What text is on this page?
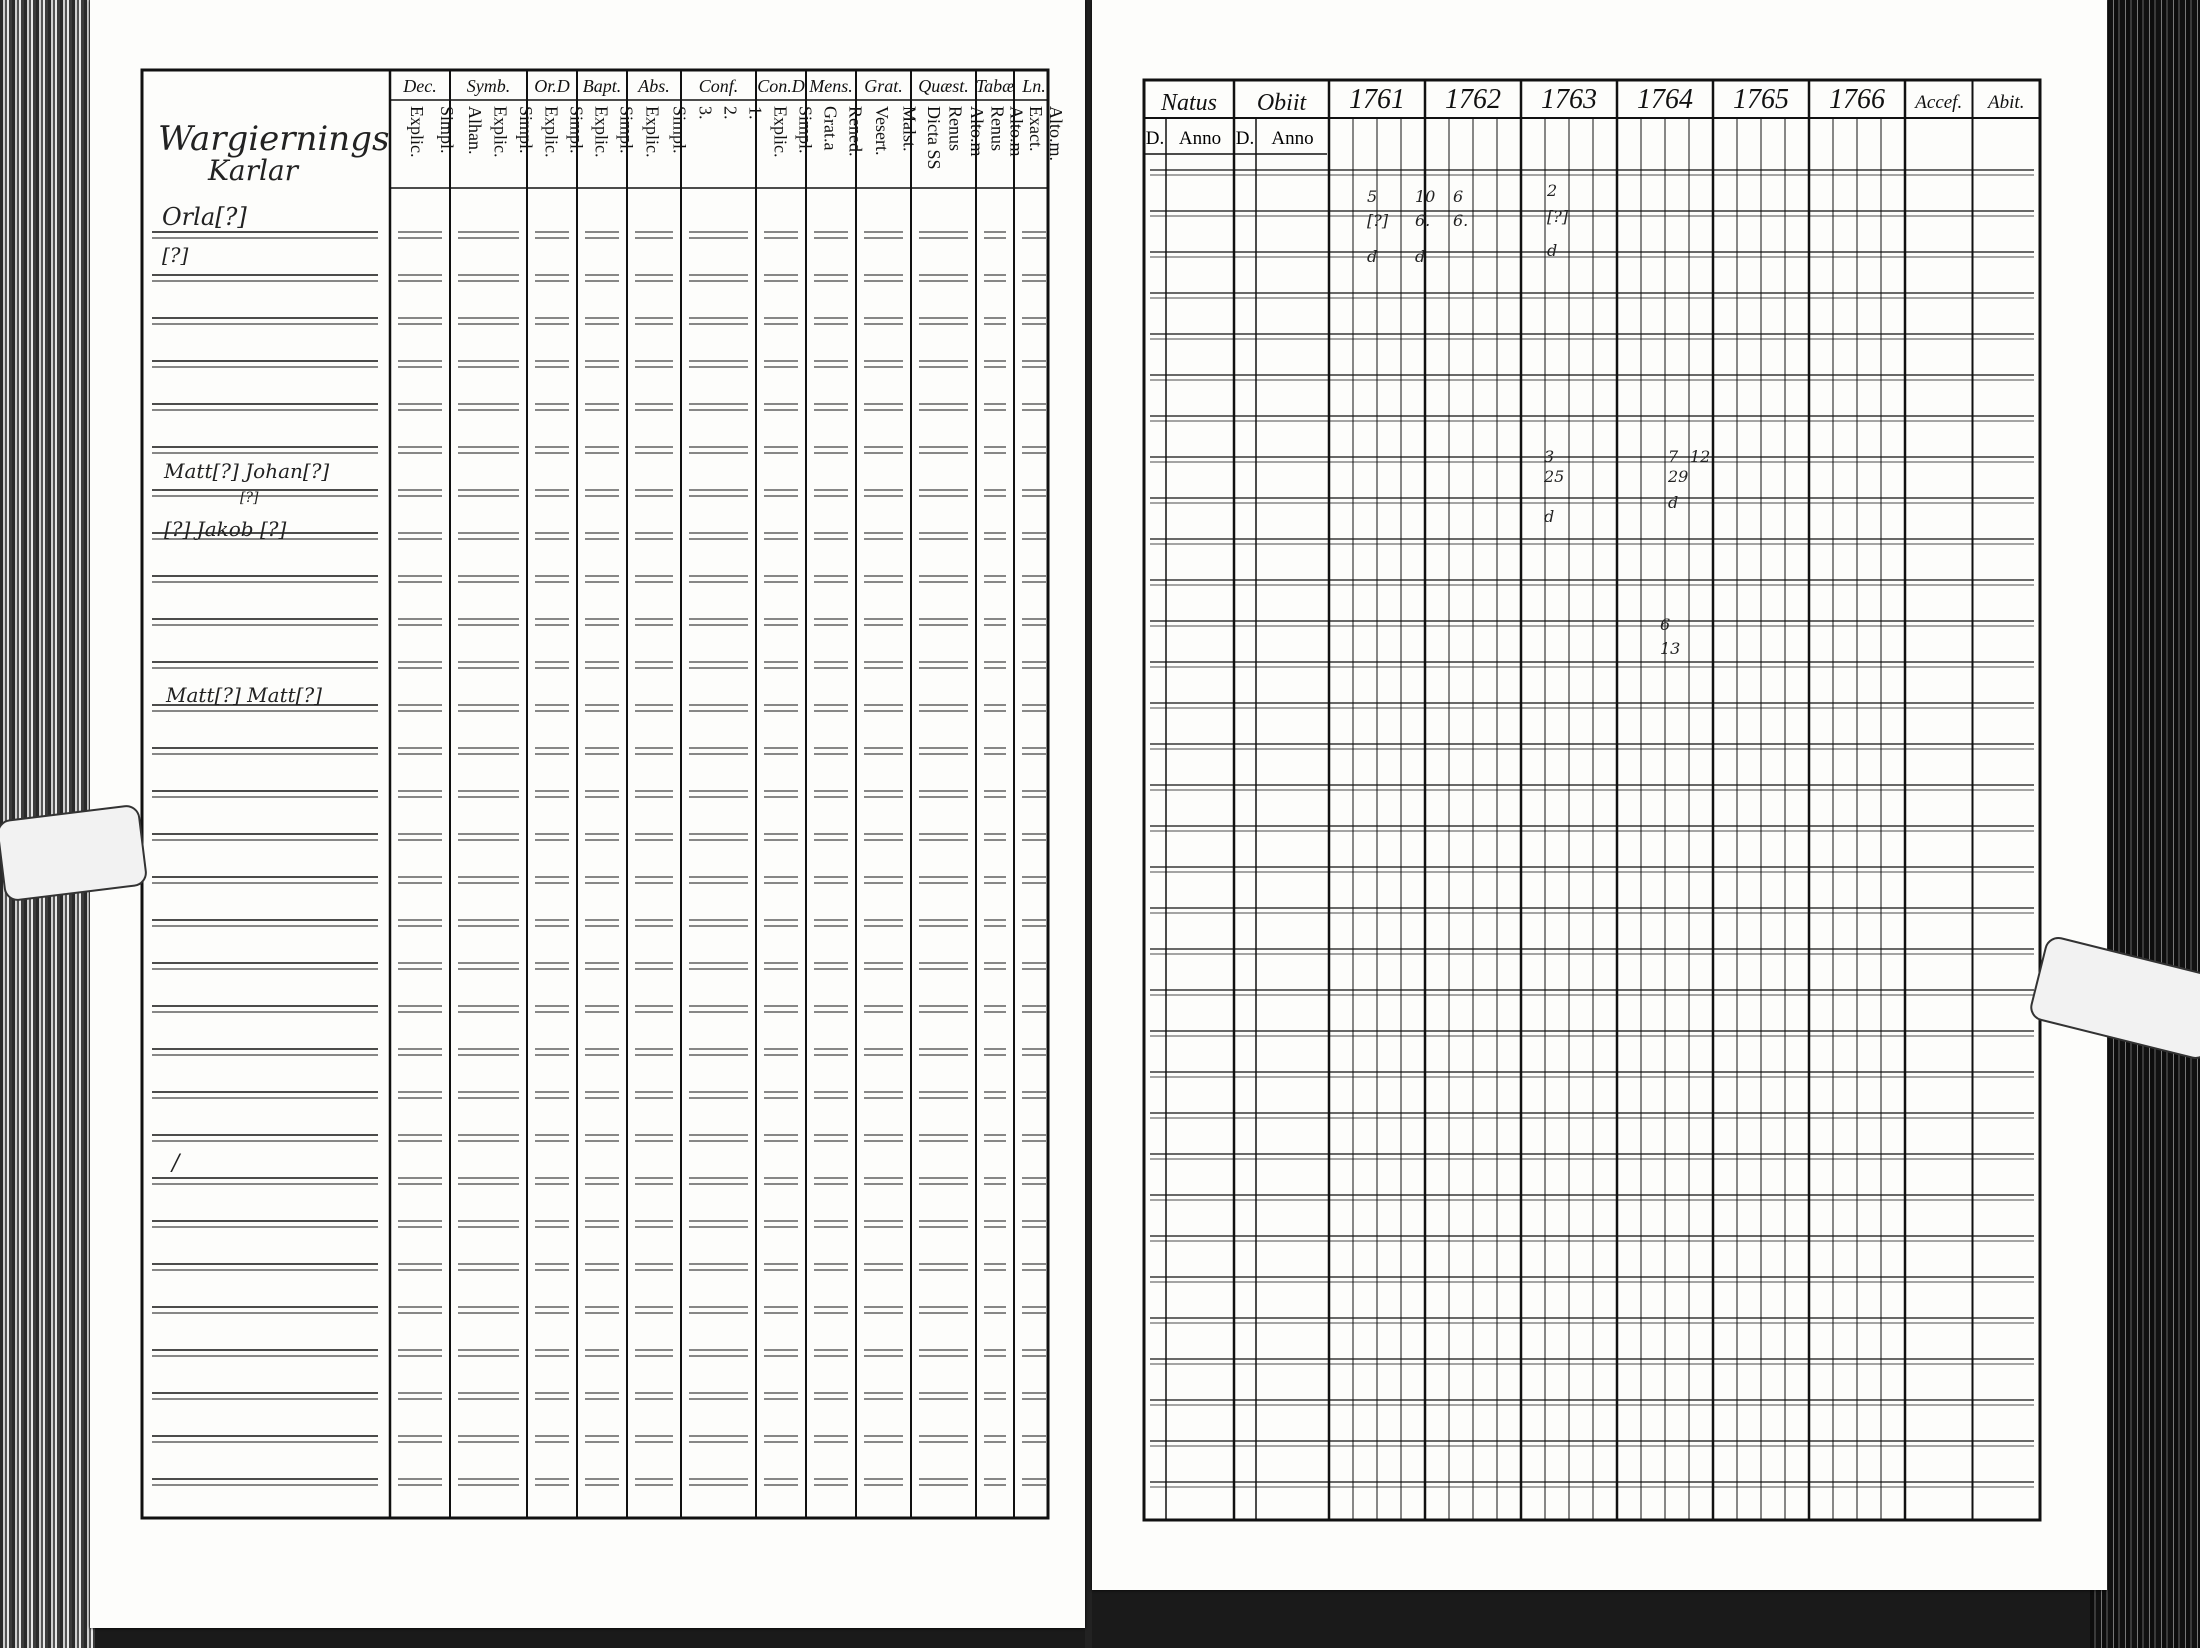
Dec.
Explic. Simpl.
Symb.
Alhan. Explic. Simpl.
Or.D
Explic. Simpl.
Bapt.
Explic. Simpl.
Abs.
Explic. Simpl.
Conf.
3. 2. 1.
Con.D
Explic. Simpl.
Mens.
Grat.a Rened.
Grat.
Vesert. Malst.
Quæst.
Dicta SS Renus Alto.m
Tabæ
Renus Alto.m
Ln.
Exact. Alto.m.
Wargiernings
Karlar
Orla[?]
[?]
Matt[?] Johan[?]
[?]
[?] Jakob [?]
Matt[?] Matt[?]
/
Natus
D. Anno
Obiit
D. Anno
1761 1762 1763 1764 1765 1766 Accef. Abit.
5
[?]
d
10
6.
d
6
6.
2
[?]
d
3
25
d
7 12
29
d
6
13
